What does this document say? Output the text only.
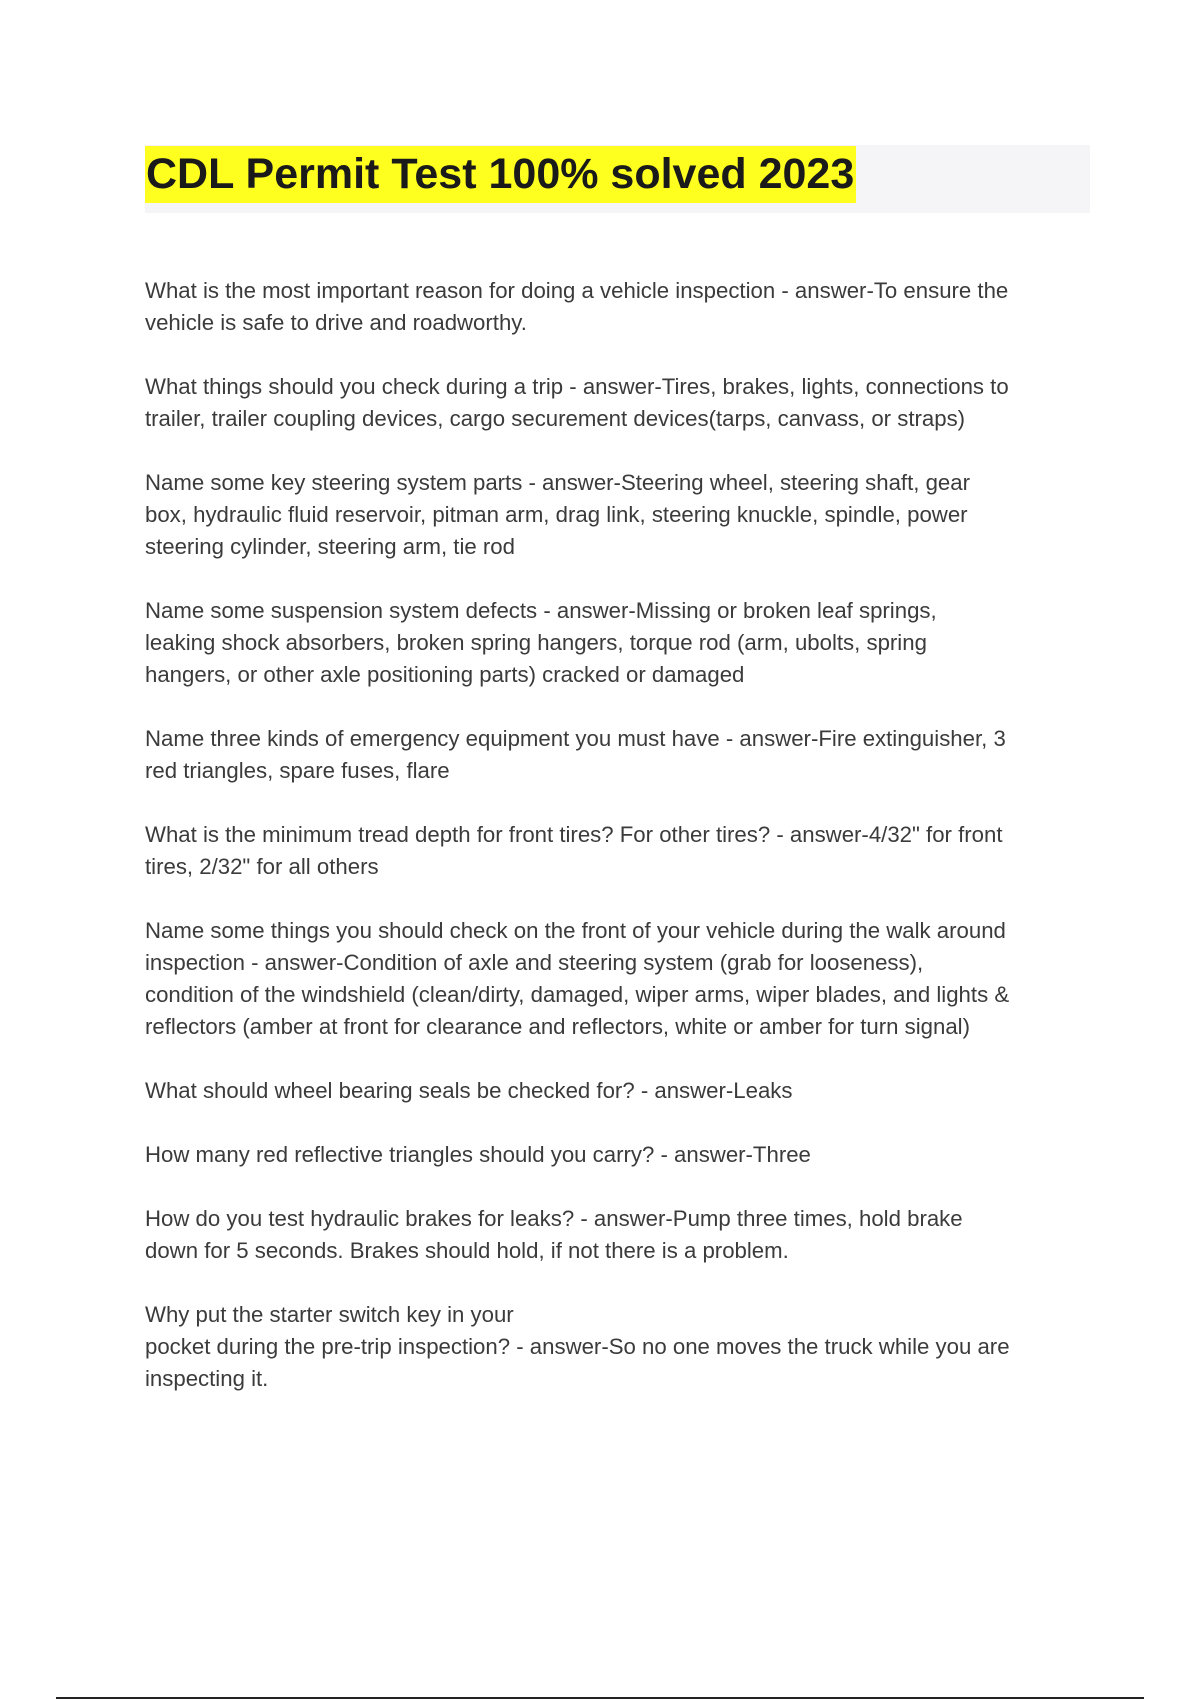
CDL Permit Test 100% solved 2023

What is the most important reason for doing a vehicle inspection - answer-To ensure the
vehicle is safe to drive and roadworthy.

What things should you check during a trip - answer-Tires, brakes, lights, connections to
trailer, trailer coupling devices, cargo securement devices(tarps, canvass, or straps)

Name some key steering system parts - answer-Steering wheel, steering shaft, gear
box, hydraulic fluid reservoir, pitman arm, drag link, steering knuckle, spindle, power
steering cylinder, steering arm, tie rod

Name some suspension system defects - answer-Missing or broken leaf springs,
leaking shock absorbers, broken spring hangers, torque rod (arm, ubolts, spring
hangers, or other axle positioning parts) cracked or damaged

Name three kinds of emergency equipment you must have - answer-Fire extinguisher, 3
red triangles, spare fuses, flare

What is the minimum tread depth for front tires? For other tires? - answer-4/32" for front
tires, 2/32" for all others

Name some things you should check on the front of your vehicle during the walk around
inspection - answer-Condition of axle and steering system (grab for looseness),
condition of the windshield (clean/dirty, damaged, wiper arms, wiper blades, and lights &
reflectors (amber at front for clearance and reflectors, white or amber for turn signal)

What should wheel bearing seals be checked for? - answer-Leaks

How many red reflective triangles should you carry? - answer-Three

How do you test hydraulic brakes for leaks? - answer-Pump three times, hold brake
down for 5 seconds. Brakes should hold, if not there is a problem.

Why put the starter switch key in your
pocket during the pre-trip inspection? - answer-So no one moves the truck while you are
inspecting it.
